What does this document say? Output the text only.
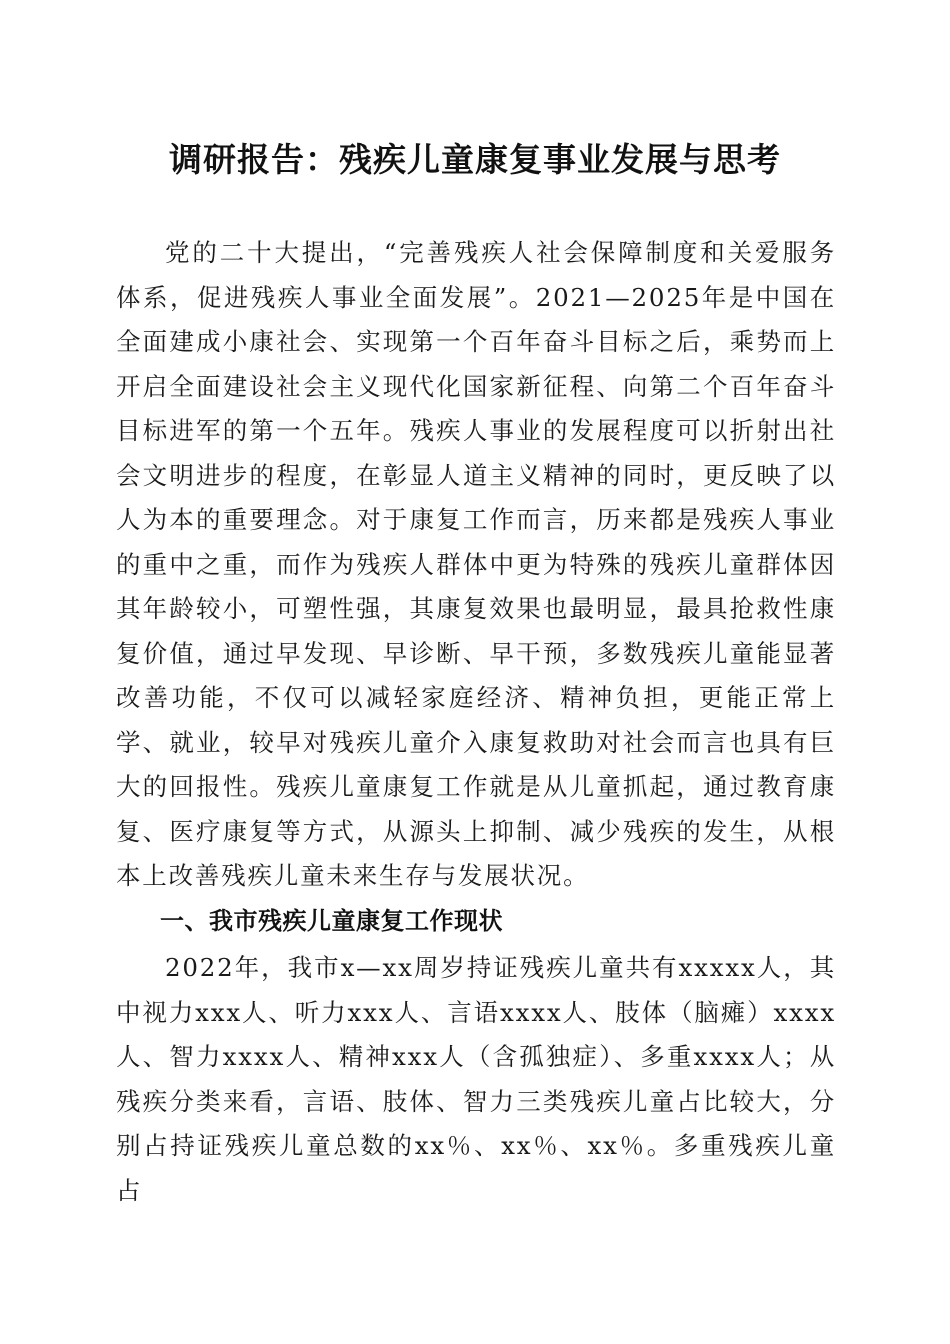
调研报告：残疾儿童康复事业发展与思考

党的二十大提出，“完善残疾人社会保障制度和关爱服务体系，促进残疾人事业全面发展”。2021—2025年是中国在全面建成小康社会、实现第一个百年奋斗目标之后，乘势而上开启全面建设社会主义现代化国家新征程、向第二个百年奋斗目标进军的第一个五年。残疾人事业的发展程度可以折射出社会文明进步的程度，在彰显人道主义精神的同时，更反映了以人为本的重要理念。对于康复工作而言，历来都是残疾人事业的重中之重，而作为残疾人群体中更为特殊的残疾儿童群体因其年龄较小，可塑性强，其康复效果也最明显，最具抢救性康复价值，通过早发现、早诊断、早干预，多数残疾儿童能显著改善功能，不仅可以减轻家庭经济、精神负担，更能正常上学、就业，较早对残疾儿童介入康复救助对社会而言也具有巨大的回报性。残疾儿童康复工作就是从儿童抓起，通过教育康复、医疗康复等方式，从源头上抑制、减少残疾的发生，从根本上改善残疾儿童未来生存与发展状况。

一、我市残疾儿童康复工作现状

2022年，我市x—xx周岁持证残疾儿童共有xxxxx人，其中视力xxx人、听力xxx人、言语xxxx人、肢体（脑瘫）xxxx人、智力xxxx人、精神xxx人（含孤独症）、多重xxxx人；从残疾分类来看，言语、肢体、智力三类残疾儿童占比较大，分别占持证残疾儿童总数的xx％、xx％、xx％。多重残疾儿童占
